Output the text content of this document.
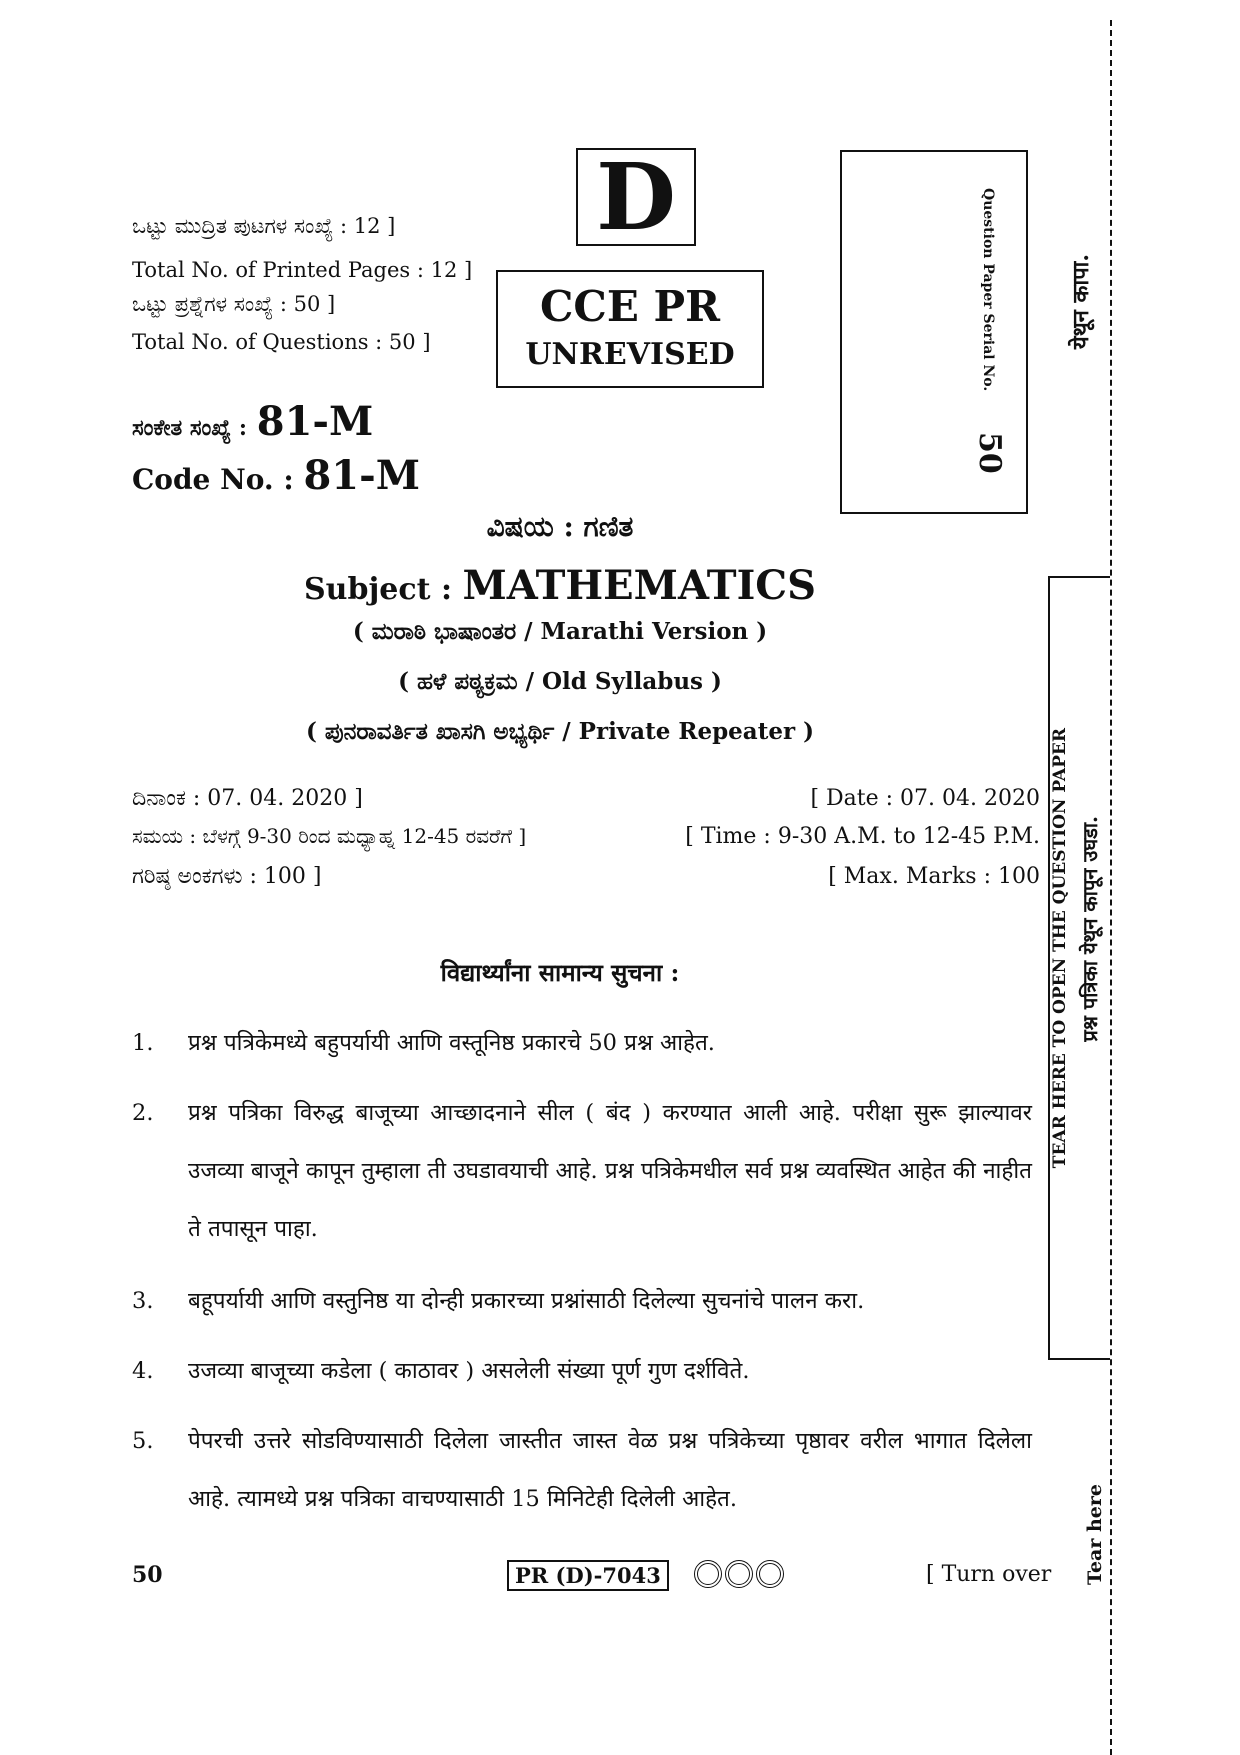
ಒಟ್ಟು ಮುದ್ರಿತ ಪುಟಗಳ ಸಂಖ್ಯೆ : 12 ]
Total No. of Printed Pages : 12 ]
ಒಟ್ಟು ಪ್ರಶ್ನೆಗಳ ಸಂಖ್ಯೆ : 50 ]
Total No. of Questions : 50 ]
ಸಂಕೇತ ಸಂಖ್ಯೆ : 81-M
Code No. : 81-M
D
CCE PR
UNREVISED	Question Paper Serial No.
50
ವಿಷಯ : ಗಣಿತ
Subject : MATHEMATICS
( ಮರಾಠಿ ಭಾಷಾಂತರ / Marathi Version )
( ಹಳೆ ಪಠ್ಯಕ್ರಮ / Old Syllabus )
( ಪುನರಾವರ್ತಿತ ಖಾಸಗಿ ಅಭ್ಯರ್ಥಿ / Private Repeater )
ದಿನಾಂಕ : 07. 04. 2020 ]	[ Date : 07. 04. 2020
ಸಮಯ : ಬೆಳಗ್ಗೆ 9-30 ರಿಂದ ಮಧ್ಯಾಹ್ನ 12-45 ರವರೆಗೆ ]	[ Time : 9-30 A.M. to 12-45 P.M.
ಗರಿಷ್ಠ ಅಂಕಗಳು : 100 ]	[ Max. Marks : 100
विद्यार्थ्यांना सामान्य सुचना :
1. प्रश्न पत्रिकेमध्ये बहुपर्यायी आणि वस्तूनिष्ठ प्रकारचे 50 प्रश्न आहेत.
2. प्रश्न पत्रिका विरुद्ध बाजूच्या आच्छादनाने सील ( बंद ) करण्यात आली आहे. परीक्षा सुरू झाल्यावर उजव्या बाजूने कापून तुम्हाला ती उघडावयाची आहे. प्रश्न पत्रिकेमधील सर्व प्रश्न व्यवस्थित आहेत की नाहीत ते तपासून पाहा.
3. बहूपर्यायी आणि वस्तुनिष्ठ या दोन्ही प्रकारच्या प्रश्नांसाठी दिलेल्या सुचनांचे पालन करा.
4. उजव्या बाजूच्या कडेला ( काठावर ) असलेली संख्या पूर्ण गुण दर्शविते.
5. पेपरची उत्तरे सोडविण्यासाठी दिलेला जास्तीत जास्त वेळ प्रश्न पत्रिकेच्या पृष्ठावर वरील भागात दिलेला आहे. त्यामध्ये प्रश्न पत्रिका वाचण्यासाठी 15 मिनिटेही दिलेली आहेत.
50	PR (D)-7043	[ Turn over
येथून कापा.
TEAR HERE TO OPEN THE QUESTION PAPER प्रश्न पत्रिका येथून कापून उघडा.
Tear here
